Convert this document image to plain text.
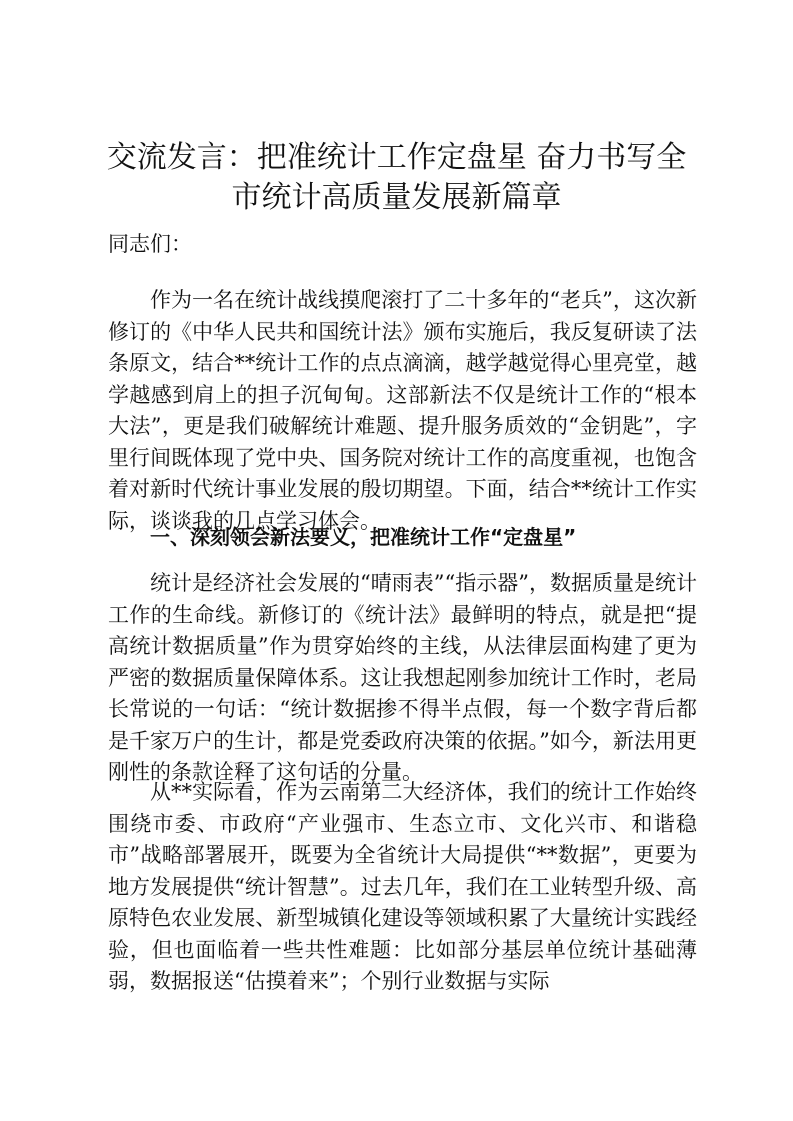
交流发言：把准统计工作定盘星 奋力书写全市统计高质量发展新篇章

同志们：

作为一名在统计战线摸爬滚打了二十多年的“老兵”，这次新修订的《中华人民共和国统计法》颁布实施后，我反复研读了法条原文，结合**统计工作的点点滴滴，越学越觉得心里亮堂，越学越感到肩上的担子沉甸甸。这部新法不仅是统计工作的“根本大法”，更是我们破解统计难题、提升服务质效的“金钥匙”，字里行间既体现了党中央、国务院对统计工作的高度重视，也饱含着对新时代统计事业发展的殷切期望。下面，结合**统计工作实际，谈谈我的几点学习体会。

一、深刻领会新法要义，把准统计工作“定盘星”

统计是经济社会发展的“晴雨表”“指示器”，数据质量是统计工作的生命线。新修订的《统计法》最鲜明的特点，就是把“提高统计数据质量”作为贯穿始终的主线，从法律层面构建了更为严密的数据质量保障体系。这让我想起刚参加统计工作时，老局长常说的一句话：“统计数据掺不得半点假，每一个数字背后都是千家万户的生计，都是党委政府决策的依据。”如今，新法用更刚性的条款诠释了这句话的分量。

从**实际看，作为云南第二大经济体，我们的统计工作始终围绕市委、市政府“产业强市、生态立市、文化兴市、和谐稳市”战略部署展开，既要为全省统计大局提供“**数据”，更要为地方发展提供“统计智慧”。过去几年，我们在工业转型升级、高原特色农业发展、新型城镇化建设等领域积累了大量统计实践经验，但也面临着一些共性难题：比如部分基层单位统计基础薄弱，数据报送“估摸着来”；个别行业数据与实际
